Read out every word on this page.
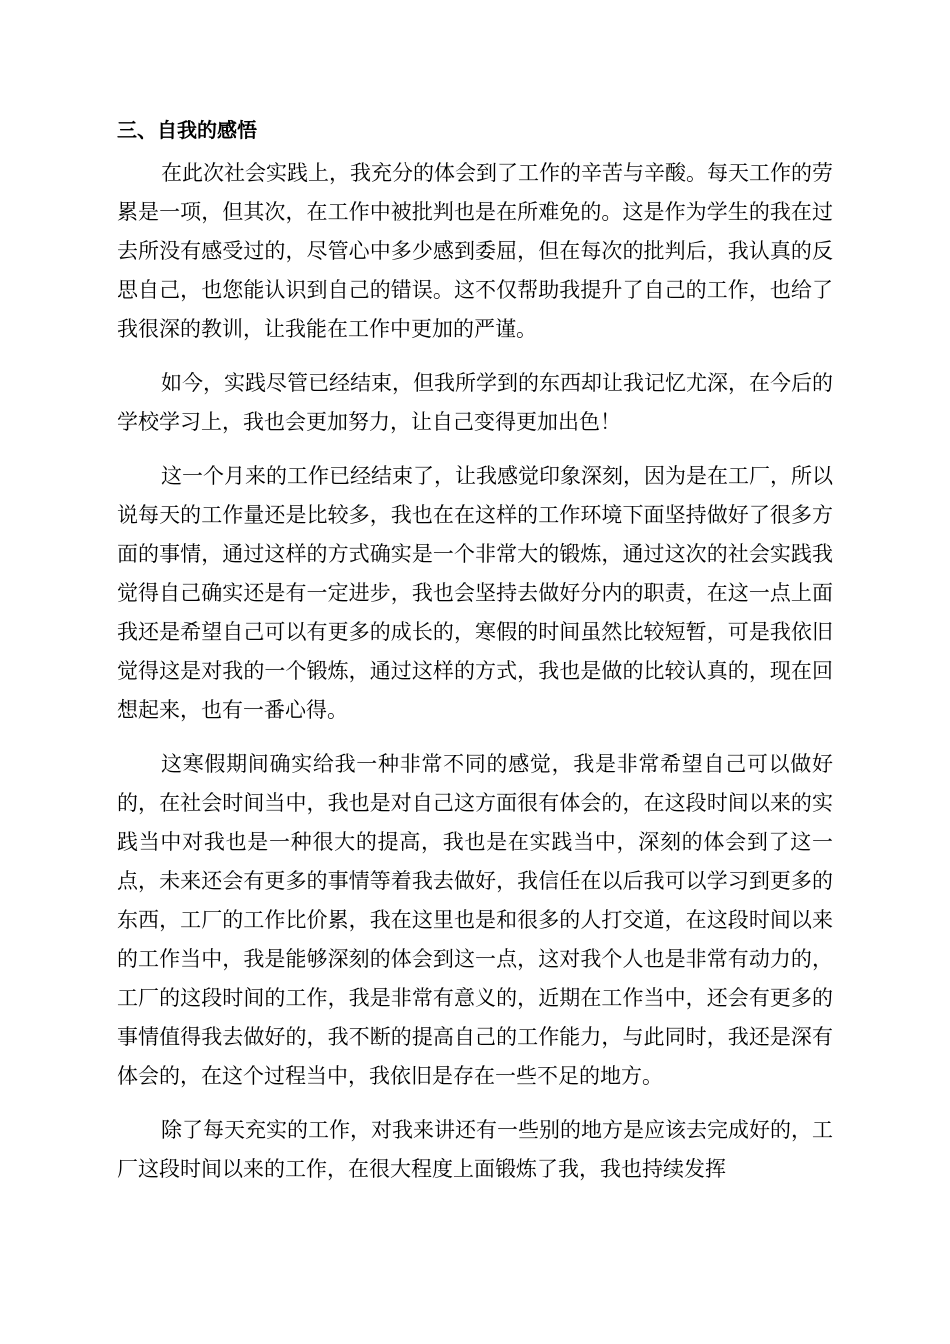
三、自我的感悟

在此次社会实践上，我充分的体会到了工作的辛苦与辛酸。每天工作的劳累是一项，但其次，在工作中被批判也是在所难免的。这是作为学生的我在过去所没有感受过的，尽管心中多少感到委屈，但在每次的批判后，我认真的反思自己，也您能认识到自己的错误。这不仅帮助我提升了自己的工作，也给了我很深的教训，让我能在工作中更加的严谨。

如今，实践尽管已经结束，但我所学到的东西却让我记忆尤深，在今后的学校学习上，我也会更加努力，让自己变得更加出色！

这一个月来的工作已经结束了，让我感觉印象深刻，因为是在工厂，所以说每天的工作量还是比较多，我也在在这样的工作环境下面坚持做好了很多方面的事情，通过这样的方式确实是一个非常大的锻炼，通过这次的社会实践我觉得自己确实还是有一定进步，我也会坚持去做好分内的职责，在这一点上面我还是希望自己可以有更多的成长的，寒假的时间虽然比较短暂，可是我依旧觉得这是对我的一个锻炼，通过这样的方式，我也是做的比较认真的，现在回想起来，也有一番心得。

这寒假期间确实给我一种非常不同的感觉，我是非常希望自己可以做好的，在社会时间当中，我也是对自己这方面很有体会的，在这段时间以来的实践当中对我也是一种很大的提高，我也是在实践当中，深刻的体会到了这一点，未来还会有更多的事情等着我去做好，我信任在以后我可以学习到更多的东西，工厂的工作比价累，我在这里也是和很多的人打交道，在这段时间以来的工作当中，我是能够深刻的体会到这一点，这对我个人也是非常有动力的，工厂的这段时间的工作，我是非常有意义的，近期在工作当中，还会有更多的事情值得我去做好的，我不断的提高自己的工作能力，与此同时，我还是深有体会的，在这个过程当中，我依旧是存在一些不足的地方。

除了每天充实的工作，对我来讲还有一些别的地方是应该去完成好的，工厂这段时间以来的工作，在很大程度上面锻炼了我，我也持续发挥
